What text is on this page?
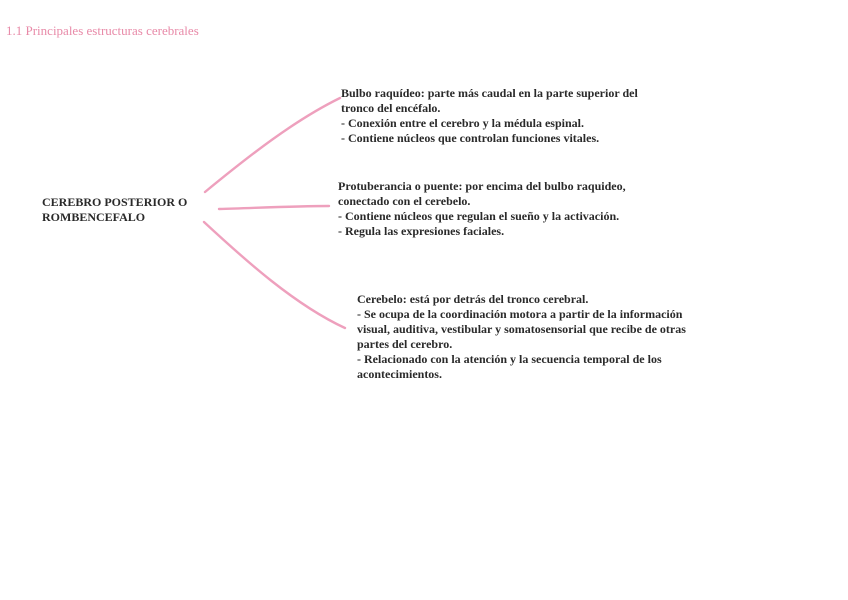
1.1 Principales estructuras cerebrales
CEREBRO POSTERIOR O
ROMBENCEFALO
Bulbo raquídeo: parte más caudal en la parte superior del
tronco del encéfalo.
- Conexión entre el cerebro y la médula espinal.
- Contiene núcleos que controlan funciones vitales.
Protuberancia o puente: por encima del bulbo raquideo,
conectado con el cerebelo.
- Contiene núcleos que regulan el sueño y la activación.
- Regula las expresiones faciales.
Cerebelo: está por detrás del tronco cerebral.
- Se ocupa de la coordinación motora a partir de la información
visual, auditiva, vestibular y somatosensorial que recibe de otras
partes del cerebro.
- Relacionado con la atención y la secuencia temporal de los
acontecimientos.
